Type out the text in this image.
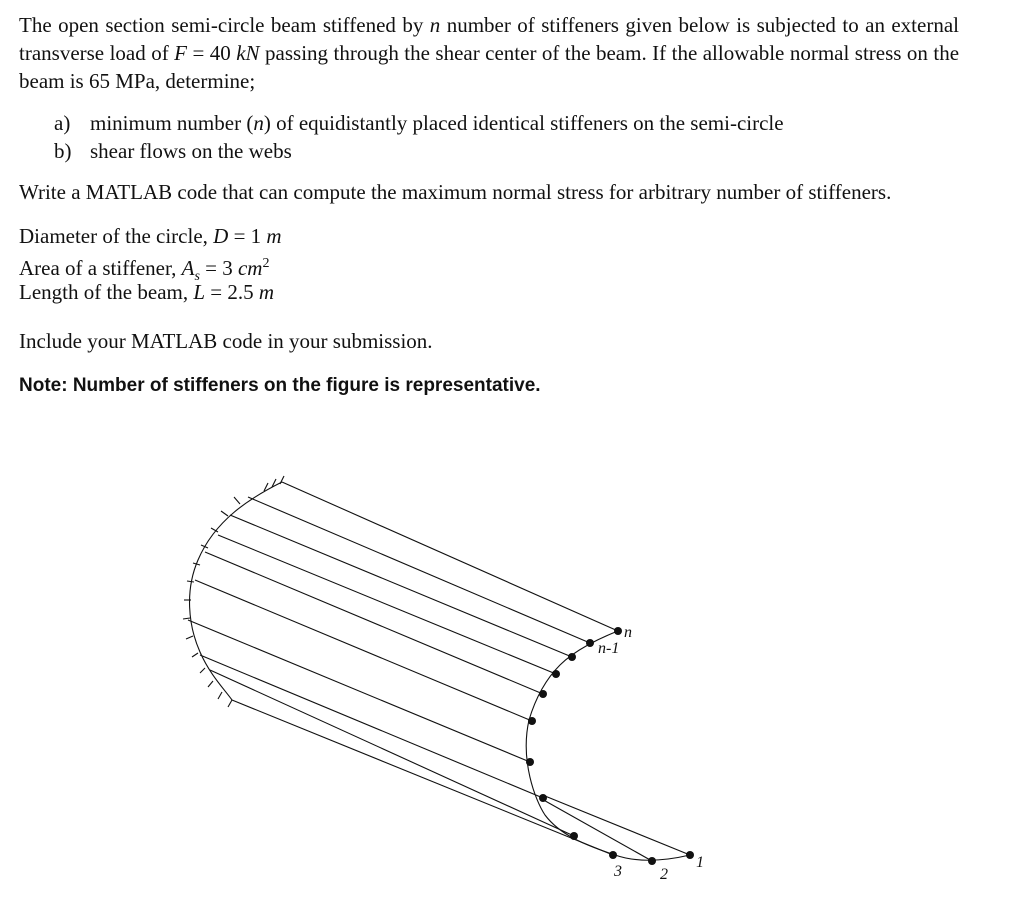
The open section semi-circle beam stiffened by n number of stiffeners given below is subjected to an external transverse load of F = 40 kN passing through the shear center of the beam. If the allowable normal stress on the beam is 65 MPa, determine;
a) minimum number (n) of equidistantly placed identical stiffeners on the semi-circle
b) shear flows on the webs
Write a MATLAB code that can compute the maximum normal stress for arbitrary number of stiffeners.
Diameter of the circle, D = 1 m
Area of a stiffener, $A_s = 3$ $cm^2$
Length of the beam, L = 2.5 m
Include your MATLAB code in your submission.
Note: Number of stiffeners on the figure is representative.
n
n-1
1
2
3
